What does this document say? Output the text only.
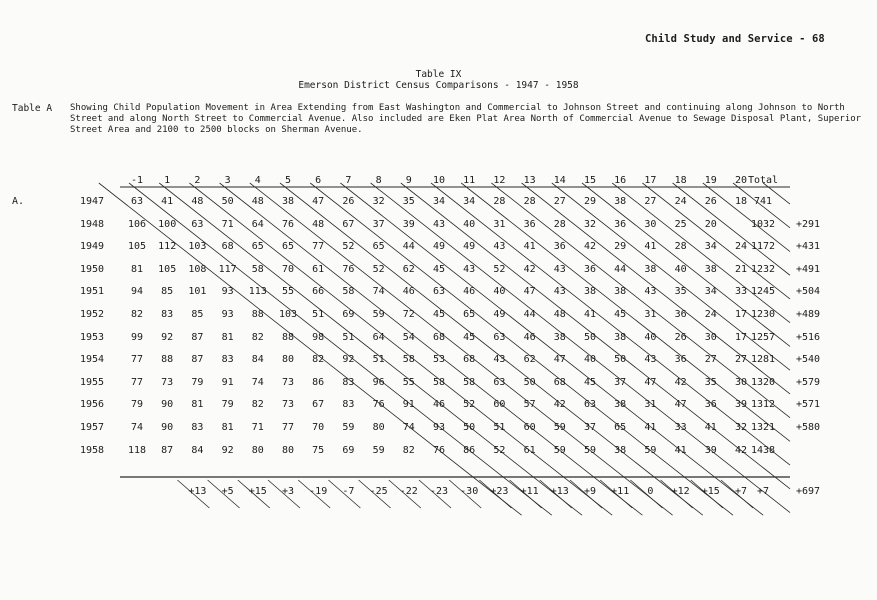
Child Study and Service - 68
Table IX
Emerson District Census Comparisons - 1947 - 1958
Table A Showing Child Population Movement in Area Extending from East Washington and Commercial to Johnson Street and continuing along Johnson to North Street and along North Street to Commercial Avenue. Also included are Eken Plat Area North of Commercial Avenue to Sewage Disposal Plant, Superior Street Area and 2100 to 2500 blocks on Sherman Avenue.
A.
-1	1	2	3	4	5	6	7	8	9	10	11	12	13	14	15	16	17	18	19	20 Total
1947	63	41	48	50	48	38	47	26	32	35	34	34	28	28	27	29	38	27	24	26	18 741
1948	106	100	63	71	64	76	48	67	37	39	43	40	31	36	28	32	36	30	25	20	1032	+291
1949	105	112	103	68	65	65	77	52	65	44	49	49	43	41	36	42	29	41	28	34	24 1172	+431
1950	81	105	108	117	58	70	61	76	52	62	45	43	52	42	43	36	44	38	40	38	21 1232	+491
1951	94	85	101	93	113	55	66	58	74	46	63	46	40	47	43	38	38	43	35	34	33 1245	+504
1952	82	83	85	93	88	103	51	69	59	72	45	65	49	44	48	41	45	31	36	24	17 1230	+489
1953	99	92	87	81	82	88	98	51	64	54	68	45	63	46	38	50	38	40	26	30	17 1257	+516
1954	77	88	87	83	84	80	82	92	51	58	53	68	43	62	47	40	50	43	36	27	27 1281	+540
1955	77	73	79	91	74	73	86	83	96	55	58	58	63	50	68	45	37	47	42	35	30 1320	+579
1956	79	90	81	79	82	73	67	83	76	91	46	52	60	57	42	63	38	31	47	36	39 1312	+571
1957	74	90	83	81	71	77	70	59	80	74	93	50	51	60	59	37	65	41	33	41	32 1321	+580
1958	118	87	84	92	80	80	75	69	59	82	76	86	52	61	59	59	38	59	41	39	42 1438
+13	+5	+15	+3	-19	-7	-25	-22	-23	-30	+23	+11	+13	+9	+11	0	+12	+15	+7 +7	+697
